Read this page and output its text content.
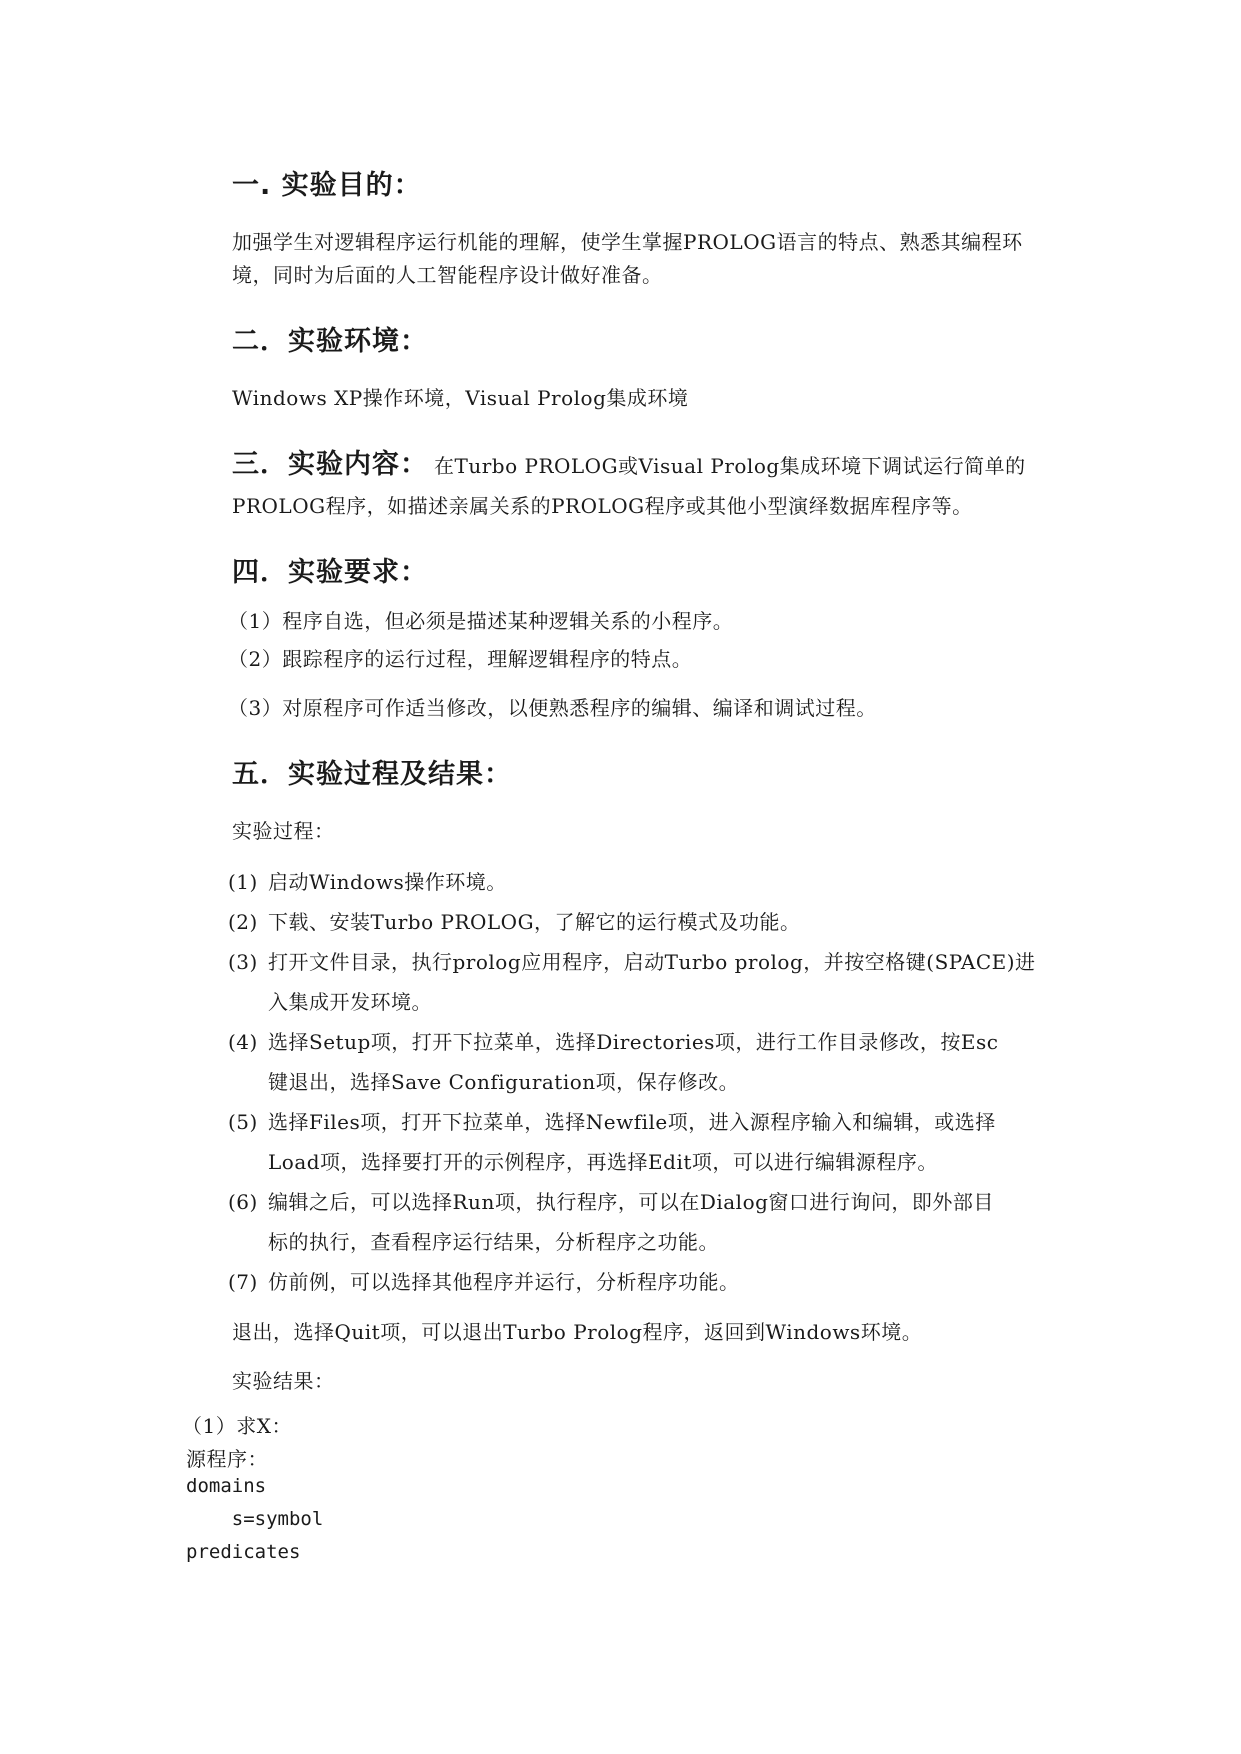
一. 实验目的：
加强学生对逻辑程序运行机能的理解，使学生掌握PROLOG语言的特点、熟悉其编程环
境，同时为后面的人工智能程序设计做好准备。
二．实验环境：
Windows XP操作环境，Visual Prolog集成环境
三．实验内容： 在Turbo PROLOG或Visual Prolog集成环境下调试运行简单的
PROLOG程序，如描述亲属关系的PROLOG程序或其他小型演绎数据库程序等。
四．实验要求：
（1）程序自选，但必须是描述某种逻辑关系的小程序。
（2）跟踪程序的运行过程，理解逻辑程序的特点。
（3）对原程序可作适当修改，以便熟悉程序的编辑、编译和调试过程。
五．实验过程及结果：
实验过程：
(1) 启动Windows操作环境。
(2) 下载、安装Turbo PROLOG，了解它的运行模式及功能。
(3) 打开文件目录，执行prolog应用程序，启动Turbo prolog，并按空格键(SPACE)进
入集成开发环境。
(4) 选择Setup项，打开下拉菜单，选择Directories项，进行工作目录修改，按Esc
键退出，选择Save Configuration项，保存修改。
(5) 选择Files项，打开下拉菜单，选择Newfile项，进入源程序输入和编辑，或选择
Load项，选择要打开的示例程序，再选择Edit项，可以进行编辑源程序。
(6) 编辑之后，可以选择Run项，执行程序，可以在Dialog窗口进行询问，即外部目
标的执行，查看程序运行结果，分析程序之功能。
(7) 仿前例，可以选择其他程序并运行，分析程序功能。
退出，选择Quit项，可以退出Turbo Prolog程序，返回到Windows环境。
实验结果：
（1）求X：
源程序：
domains
s=symbol
predicates
